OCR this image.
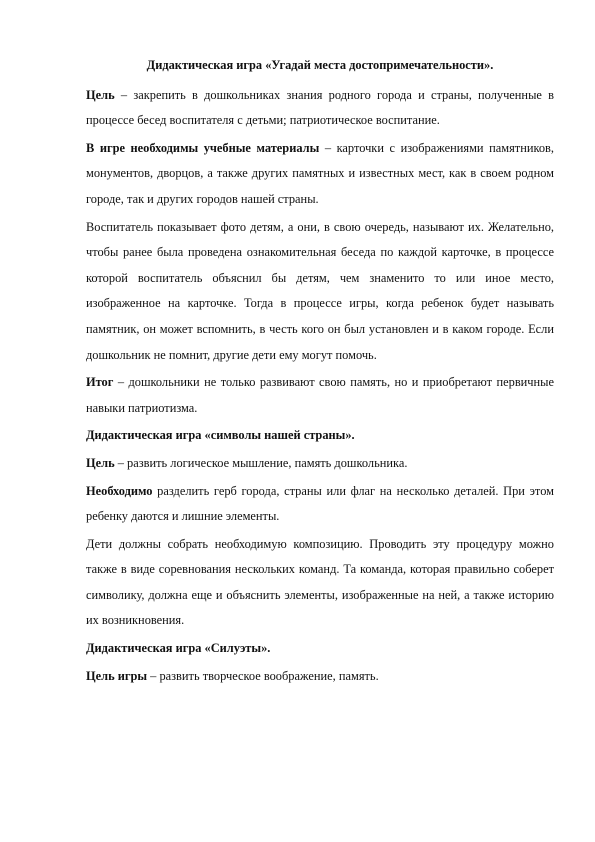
Дидактическая игра «Угадай места достопримечательности».

Цель – закрепить в дошкольниках знания родного города и страны, полученные в процессе бесед воспитателя с детьми; патриотическое воспитание.

В игре необходимы учебные материалы – карточки с изображениями памятников, монументов, дворцов, а также других памятных и известных мест, как в своем родном городе, так и других городов нашей страны.

Воспитатель показывает фото детям, а они, в свою очередь, называют их. Желательно, чтобы ранее была проведена ознакомительная беседа по каждой карточке, в процессе которой воспитатель объяснил бы детям, чем знаменито то или иное место, изображенное на карточке. Тогда в процессе игры, когда ребенок будет называть памятник, он может вспомнить, в честь кого он был установлен и в каком городе. Если дошкольник не помнит, другие дети ему могут помочь.

Итог – дошкольники не только развивают свою память, но и приобретают первичные навыки патриотизма.

Дидактическая игра «символы нашей страны».

Цель – развить логическое мышление, память дошкольника.

Необходимо разделить герб города, страны или флаг на несколько деталей. При этом ребенку даются и лишние элементы.

Дети должны собрать необходимую композицию. Проводить эту процедуру можно также в виде соревнования нескольких команд. Та команда, которая правильно соберет символику, должна еще и объяснить элементы, изображенные на ней, а также историю их возникновения.

Дидактическая игра «Силуэты».

Цель игры – развить творческое воображение, память.
